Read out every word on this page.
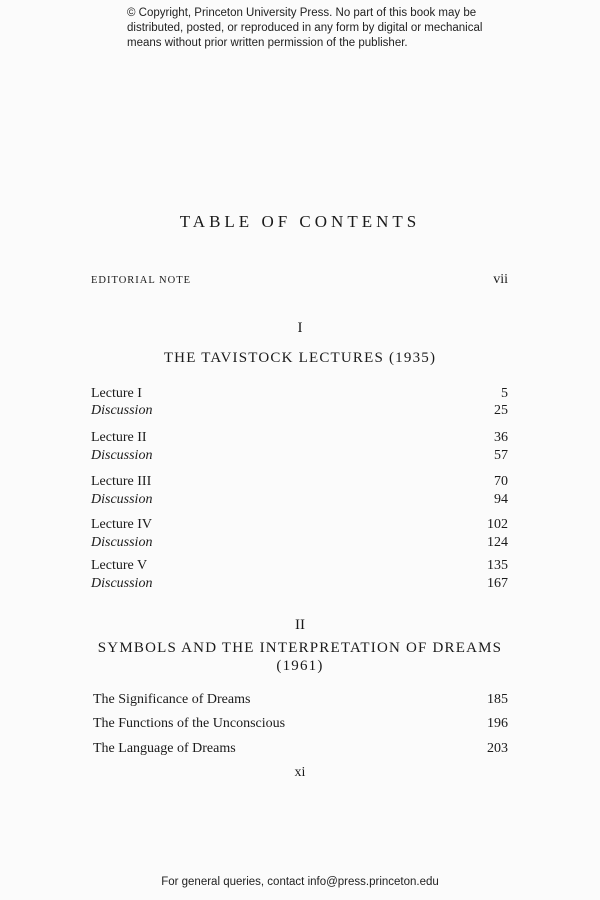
© Copyright, Princeton University Press. No part of this book may be
distributed, posted, or reproduced in any form by digital or mechanical
means without prior written permission of the publisher.
TABLE OF CONTENTS
EDITORIAL NOTE	vii
I
THE TAVISTOCK LECTURES (1935)
Lecture I	5
Discussion	25
Lecture II	36
Discussion	57
Lecture III	70
Discussion	94
Lecture IV	102
Discussion	124
Lecture V	135
Discussion	167
II
SYMBOLS AND THE INTERPRETATION OF DREAMS
(1961)
The Significance of Dreams	185
The Functions of the Unconscious	196
The Language of Dreams	203
xi
For general queries, contact info@press.princeton.edu
